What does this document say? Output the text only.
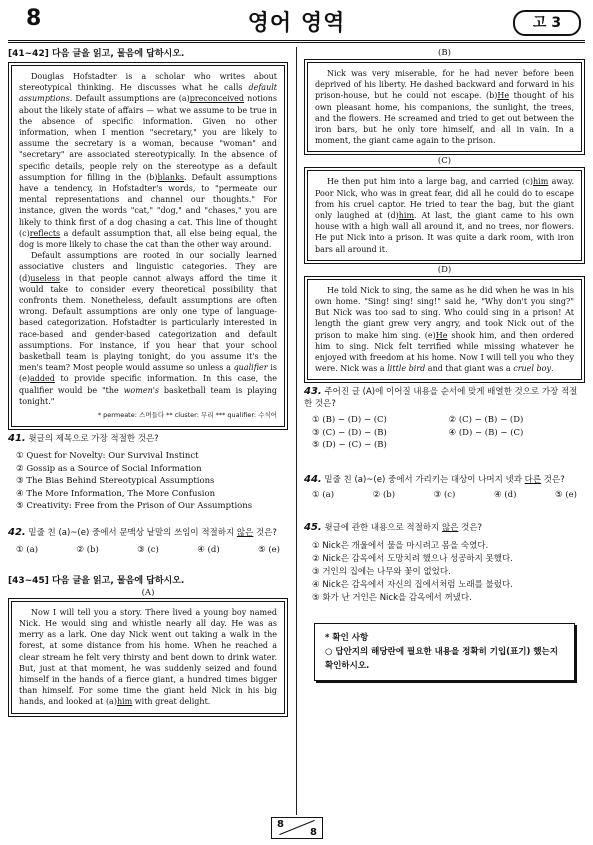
8	영어 영역	고 3
[41~42] 다음 글을 읽고, 물음에 답하시오.

Douglas Hofstadter is a scholar who writes about stereotypical thinking. He discusses what he calls default assumptions. Default assumptions are (a)preconceived notions about the likely state of affairs — what we assume to be true in the absence of specific information. Given no other information, when I mention "secretary," you are likely to assume the secretary is a woman, because "woman" and "secretary" are associated stereotypically. In the absence of specific details, people rely on the stereotype as a default assumption for filling in the (b)blanks. Default assumptions have a tendency, in Hofstadter's words, to "permeate our mental representations and channel our thoughts." For instance, given the words "cat," "dog," and "chases," you are likely to think first of a dog chasing a cat. This line of thought (c)reflects a default assumption that, all else being equal, the dog is more likely to chase the cat than the other way around.

Default assumptions are rooted in our socially learned associative clusters and linguistic categories. They are (d)useless in that people cannot always afford the time it would take to consider every theoretical possibility that confronts them. Nonetheless, default assumptions are often wrong. Default assumptions are only one type of language-based categorization. Hofstadter is particularly interested in race-based and gender-based categorization and default assumptions. For instance, if you hear that your school basketball team is playing tonight, do you assume it's the men's team? Most people would assume so unless a qualifier is (e)added to provide specific information. In this case, the qualifier would be "the women's basketball team is playing tonight."

* permeate: 스며들다 ** cluster: 무리 *** qualifier: 수식어
41. 윗글의 제목으로 가장 적절한 것은?
① Quest for Novelty: Our Survival Instinct
② Gossip as a Source of Social Information
③ The Bias Behind Stereotypical Assumptions
④ The More Information, The More Confusion
⑤ Creativity: Free from the Prison of Our Assumptions
42. 밑줄 친 (a)~(e) 중에서 문맥상 낱말의 쓰임이 적절하지 않은 것은?
① (a)	② (b)	③ (c)	④ (d)	⑤ (e)
[43~45] 다음 글을 읽고, 물음에 답하시오.
(A)

Now I will tell you a story. There lived a young boy named Nick. He would sing and whistle nearly all day. He was as merry as a lark. One day Nick went out taking a walk in the forest, at some distance from his home. When he reached a clear stream he felt very thirsty and bent down to drink water. But, just at that moment, he was suddenly seized and found himself in the hands of a fierce giant, a hundred times bigger than himself. For some time the giant held Nick in his big hands, and looked at (a)him with great delight.

(B)

Nick was very miserable, for he had never before been deprived of his liberty. He dashed backward and forward in his prison-house, but he could not escape. (b)He thought of his own pleasant home, his companions, the sunlight, the trees, and the flowers. He screamed and tried to get out between the iron bars, but he only tore himself, and all in vain. In a moment, the giant came again to the prison.

(C)

He then put him into a large bag, and carried (c)him away. Poor Nick, who was in great fear, did all he could do to escape from his cruel captor. He tried to tear the bag, but the giant only laughed at (d)him. At last, the giant came to his own house with a high wall all around it, and no trees, nor flowers. He put Nick into a prison. It was quite a dark room, with iron bars all around it.

(D)

He told Nick to sing, the same as he did when he was in his own home. "Sing! sing! sing!" said he, "Why don't you sing?" But Nick was too sad to sing. Who could sing in a prison! At length the giant grew very angry, and took Nick out of the prison to make him sing. (e)He shook him, and then ordered him to sing. Nick felt terrified while missing whatever he enjoyed with freedom at his home. Now I will tell you who they were. Nick was a little bird and that giant was a cruel boy.

43. 주어진 글 (A)에 이어질 내용을 순서에 맞게 배열한 것으로 가장 적절한 것은?
① (B) − (D) − (C)	② (C) − (B) − (D)
③ (C) − (D) − (B)	④ (D) − (B) − (C)
⑤ (D) − (C) − (B)
44. 밑줄 친 (a)~(e) 중에서 가리키는 대상이 나머지 넷과 다른 것은?
① (a)	② (b)	③ (c)	④ (d)	⑤ (e)
45. 윗글에 관한 내용으로 적절하지 않은 것은?
① Nick은 개울에서 물을 마시려고 몸을 숙였다.
② Nick은 감옥에서 도망치려 했으나 성공하지 못했다.
③ 거인의 집에는 나무와 꽃이 없었다.
④ Nick은 감옥에서 자신의 집에서처럼 노래를 불렀다.
⑤ 화가 난 거인은 Nick을 감옥에서 꺼냈다.
* 확인 사항
○ 답안지의 해당란에 필요한 내용을 정확히 기입(표기) 했는지 확인하시오.
8
8
